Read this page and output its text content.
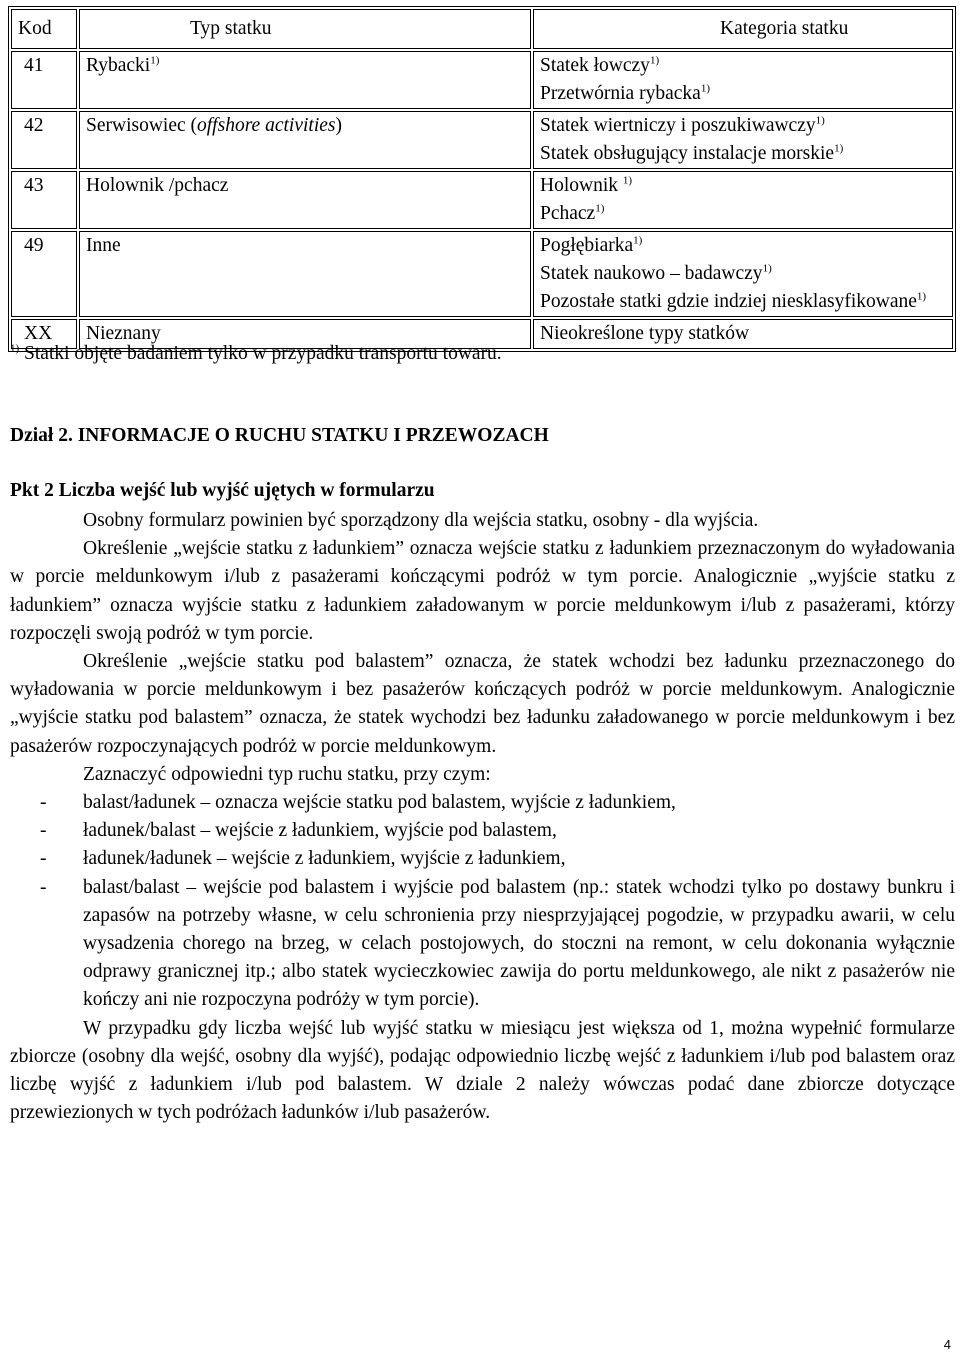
Kod	Typ statku	Kategoria statku
41	Rybacki$^{1)}$	Statek łowczy$^{1)}$
Przetwórnia rybacka$^{1)}$

42	Serwisowiec (offshore activities)	Statek wiertniczy i poszukiwawczy$^{1)}$
Statek obsługujący instalacje morskie$^{1)}$

43	Holownik /pchacz	Holownik $^{1)}$
Pchacz$^{1)}$

49	Inne	Pogłębiarka$^{1)}$
Statek naukowo – badawczy$^{1)}$
Pozostałe statki gdzie indziej niesklasyfikowane$^{1)}$

XX	Nieznany	Nieokreślone typy statków
$^{1)}$ Statki objęte badaniem tylko w przypadku transportu towaru.
Dział 2. INFORMACJE O RUCHU STATKU I PRZEWOZACH
Pkt 2 Liczba wejść lub wyjść ujętych w formularzu

Osobny formularz powinien być sporządzony dla wejścia statku, osobny - dla wyjścia.

Określenie „wejście statku z ładunkiem” oznacza wejście statku z ładunkiem przeznaczonym do wyładowania w porcie meldunkowym i/lub z pasażerami kończącymi podróż w tym porcie. Analogicznie „wyjście statku z ładunkiem” oznacza wyjście statku z ładunkiem załadowanym w porcie meldunkowym i/lub z pasażerami, którzy rozpoczęli swoją podróż w tym porcie.

Określenie „wejście statku pod balastem” oznacza, że statek wchodzi bez ładunku przeznaczonego do wyładowania w porcie meldunkowym i bez pasażerów kończących podróż w porcie meldunkowym. Analogicznie „wyjście statku pod balastem” oznacza, że statek wychodzi bez ładunku załadowanego w porcie meldunkowym i bez pasażerów rozpoczynających podróż w porcie meldunkowym.

Zaznaczyć odpowiedni typ ruchu statku, przy czym:

- balast/ładunek – oznacza wejście statku pod balastem, wyjście z ładunkiem,
- ładunek/balast – wejście z ładunkiem, wyjście pod balastem,
- ładunek/ładunek – wejście z ładunkiem, wyjście z ładunkiem,
- balast/balast – wejście pod balastem i wyjście pod balastem (np.: statek wchodzi tylko po dostawy bunkru i zapasów na potrzeby własne, w celu schronienia przy niesprzyjającej pogodzie, w przypadku awarii, w celu wysadzenia chorego na brzeg, w celach postojowych, do stoczni na remont, w celu dokonania wyłącznie odprawy granicznej itp.; albo statek wycieczkowiec zawija do portu meldunkowego, ale nikt z pasażerów nie kończy ani nie rozpoczyna podróży w tym porcie).

W przypadku gdy liczba wejść lub wyjść statku w miesiącu jest większa od 1, można wypełnić formularze zbiorcze (osobny dla wejść, osobny dla wyjść), podając odpowiednio liczbę wejść z ładunkiem i/lub pod balastem oraz liczbę wyjść z ładunkiem i/lub pod balastem. W dziale 2 należy wówczas podać dane zbiorcze dotyczące przewiezionych w tych podróżach ładunków i/lub pasażerów.

4
